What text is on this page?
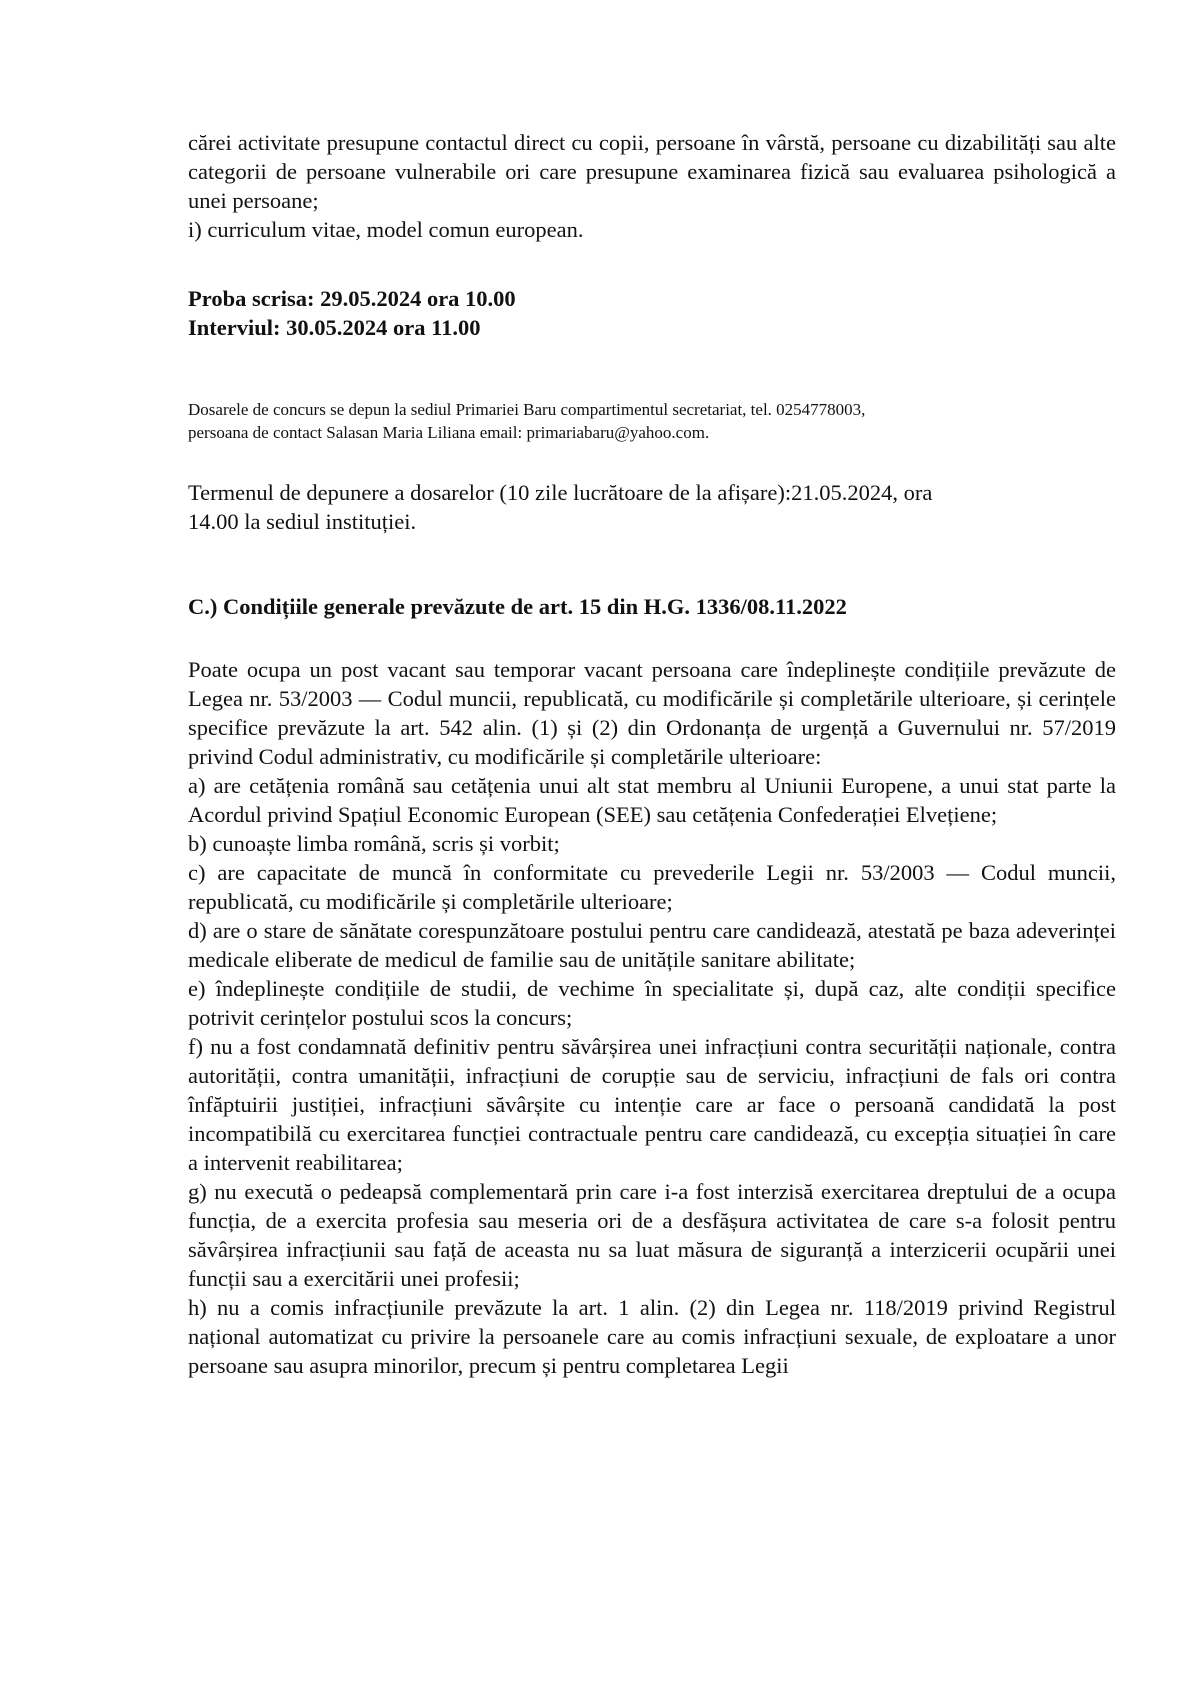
cărei activitate presupune contactul direct cu copii, persoane în vârstă, persoane cu dizabilități sau alte categorii de persoane vulnerabile ori care presupune examinarea fizică sau evaluarea psihologică a unei persoane;

i) curriculum vitae, model comun european.

Proba scrisa: 29.05.2024 ora 10.00

Interviul: 30.05.2024 ora 11.00

Dosarele de concurs se depun la sediul Primariei Baru compartimentul secretariat, tel. 0254778003,

persoana de contact Salasan Maria Liliana email: primariabaru@yahoo.com.

Termenul de depunere a dosarelor (10 zile lucrătoare de la afișare):21.05.2024, ora

14.00 la sediul instituției.

C.) Condițiile generale prevăzute de art. 15 din H.G. 1336/08.11.2022

Poate ocupa un post vacant sau temporar vacant persoana care îndeplinește condițiile prevăzute de Legea nr. 53/2003 — Codul muncii, republicată, cu modificările și completările ulterioare, și cerințele specifice prevăzute la art. 542 alin. (1) și (2) din Ordonanța de urgență a Guvernului nr. 57/2019 privind Codul administrativ, cu modificările și completările ulterioare:

a) are cetățenia română sau cetățenia unui alt stat membru al Uniunii Europene, a unui stat parte la Acordul privind Spațiul Economic European (SEE) sau cetățenia Confederației Elvețiene;

b) cunoaște limba română, scris și vorbit;

c) are capacitate de muncă în conformitate cu prevederile Legii nr. 53/2003 — Codul muncii, republicată, cu modificările și completările ulterioare;

d) are o stare de sănătate corespunzătoare postului pentru care candidează, atestată pe baza adeverinței medicale eliberate de medicul de familie sau de unitățile sanitare abilitate;

e) îndeplinește condițiile de studii, de vechime în specialitate și, după caz, alte condiții specifice potrivit cerințelor postului scos la concurs;

f) nu a fost condamnată definitiv pentru săvârșirea unei infracțiuni contra securității naționale, contra autorității, contra umanității, infracțiuni de corupție sau de serviciu, infracțiuni de fals ori contra înfăptuirii justiției, infracțiuni săvârșite cu intenție care ar face o persoană candidată la post incompatibilă cu exercitarea funcției contractuale pentru care candidează, cu excepția situației în care a intervenit reabilitarea;

g) nu execută o pedeapsă complementară prin care i-a fost interzisă exercitarea dreptului de a ocupa funcția, de a exercita profesia sau meseria ori de a desfășura activitatea de care s-a folosit pentru săvârșirea infracțiunii sau față de aceasta nu sa luat măsura de siguranță a interzicerii ocupării unei funcții sau a exercitării unei profesii;

h) nu a comis infracțiunile prevăzute la art. 1 alin. (2) din Legea nr. 118/2019 privind Registrul național automatizat cu privire la persoanele care au comis infracțiuni sexuale, de exploatare a unor persoane sau asupra minorilor, precum și pentru completarea Legii
